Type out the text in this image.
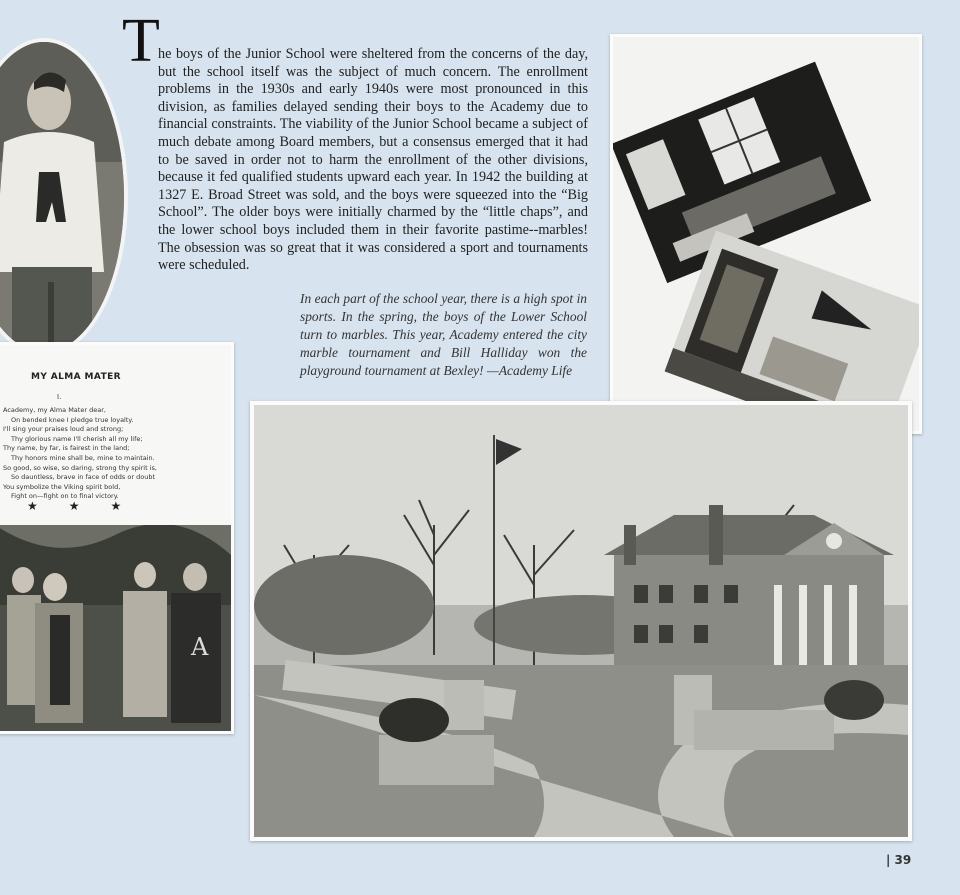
T

he boys of the Junior School were sheltered from the concerns of the day, but the school itself was the subject of much concern. The enrollment problems in the 1930s and early 1940s were most pronounced in this division, as families delayed sending their boys to the Academy due to financial constraints. The viability of the Junior School became a subject of much debate among Board members, but a consensus emerged that it had to be saved in order not to harm the enrollment of the other divisions, because it fed qualified students upward each year. In 1942 the building at 1327 E. Broad Street was sold, and the boys were squeezed into the “Big School”. The older boys were initially charmed by the “little chaps”, and the lower school boys included them in their favorite pastime--marbles! The obsession was so great that it was considered a sport and tournaments were scheduled.

In each part of the school year, there is a high spot in sports. In the spring, the boys of the Lower School turn to marbles. This year, Academy entered the city marble tournament and Bill Halliday won the playground tournament at Bexley! —Academy Life
MY ALMA MATER
I.
Academy, my Alma Mater dear,
On bended knee I pledge true loyalty.
I'll sing your praises loud and strong;
Thy glorious name I'll cherish all my life;
Thy name, by far, is fairest in the land;
Thy honors mine shall be, mine to maintain.
So good, so wise, so daring, strong thy spirit is,
So dauntless, brave in face of odds or doubt
You symbolize the Viking spirit bold,
Fight on—fight on to final victory.
★ ★ ★
A
| 39
